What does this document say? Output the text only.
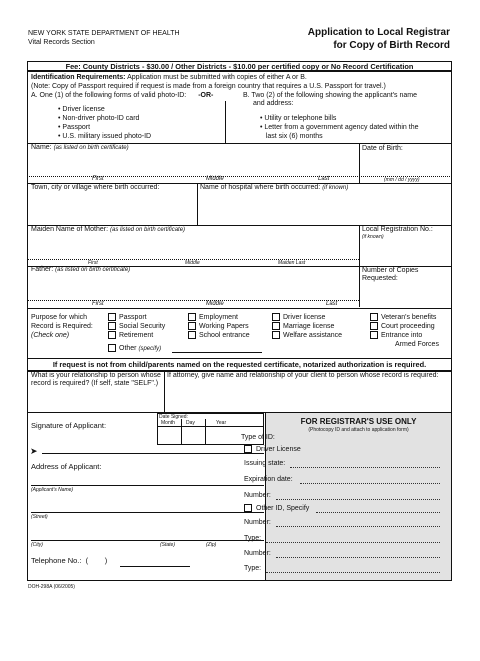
NEW YORK STATE DEPARTMENT OF HEALTH
Vital Records Section
Application to Local Registrar
for Copy of Birth Record
Fee: County Districts - $30.00 / Other Districts - $10.00 per certified copy or No Record Certification
Identification Requirements: Application must be submitted with copies of either A or B.
(Note: Copy of Passport required if request is made from a foreign country that requires a U.S. Passport for travel.)
A. One (1) of the following forms of valid photo-ID: -OR-	B. Two (2) of the following showing the applicant's name
and address:
• Driver license
• Non-driver photo-ID card
• Passport
• U.S. military issued photo-ID
• Utility or telephone bills
• Letter from a government agency dated within the
last six (6) months
Name: (as listed on birth certificate)	Date of Birth:
First	Middle	Last	(mm / dd / yyyy)
Town, city or village where birth occurred:	Name of hospital where birth occurred: (if known)
Maiden Name of Mother: (as listed on birth certificate)	Local Registration No.:
(if known)
First	Middle	Maiden Last
Father: (as listed on birth certificate)	Number of Copies
Requested:
First	Middle	Last
Purpose for which
Record is Required:
(Check one)
Passport
Social Security
Retirement
Other (specify)
Employment
Working Papers
School entrance
Driver license
Marriage license
Welfare assistance
Veteran's benefits
Court proceeding
Entrance into
Armed Forces
If request is not from child/parents named on the requested certificate, notarized authorization is required.
What is your relationship to person whose
record is required? (If self, state "SELF".)
If attorney, give name and relationship of your client to person whose record is required:
Signature of Applicant:
Date Signed:
Month Day	Year
➤
Address of Applicant:
(Applicant's Name)
(Street)
(City)	(State)	(Zip)
Telephone No.:  (        )
FOR REGISTRAR'S USE ONLY
(Photocopy ID and attach to application form)
Type of ID:
Driver License
Issuing state:
Expiration date:
Number:
Other ID, Specify
Number:
Type:
Number:
Type:
DOH-298A (06/2005)
